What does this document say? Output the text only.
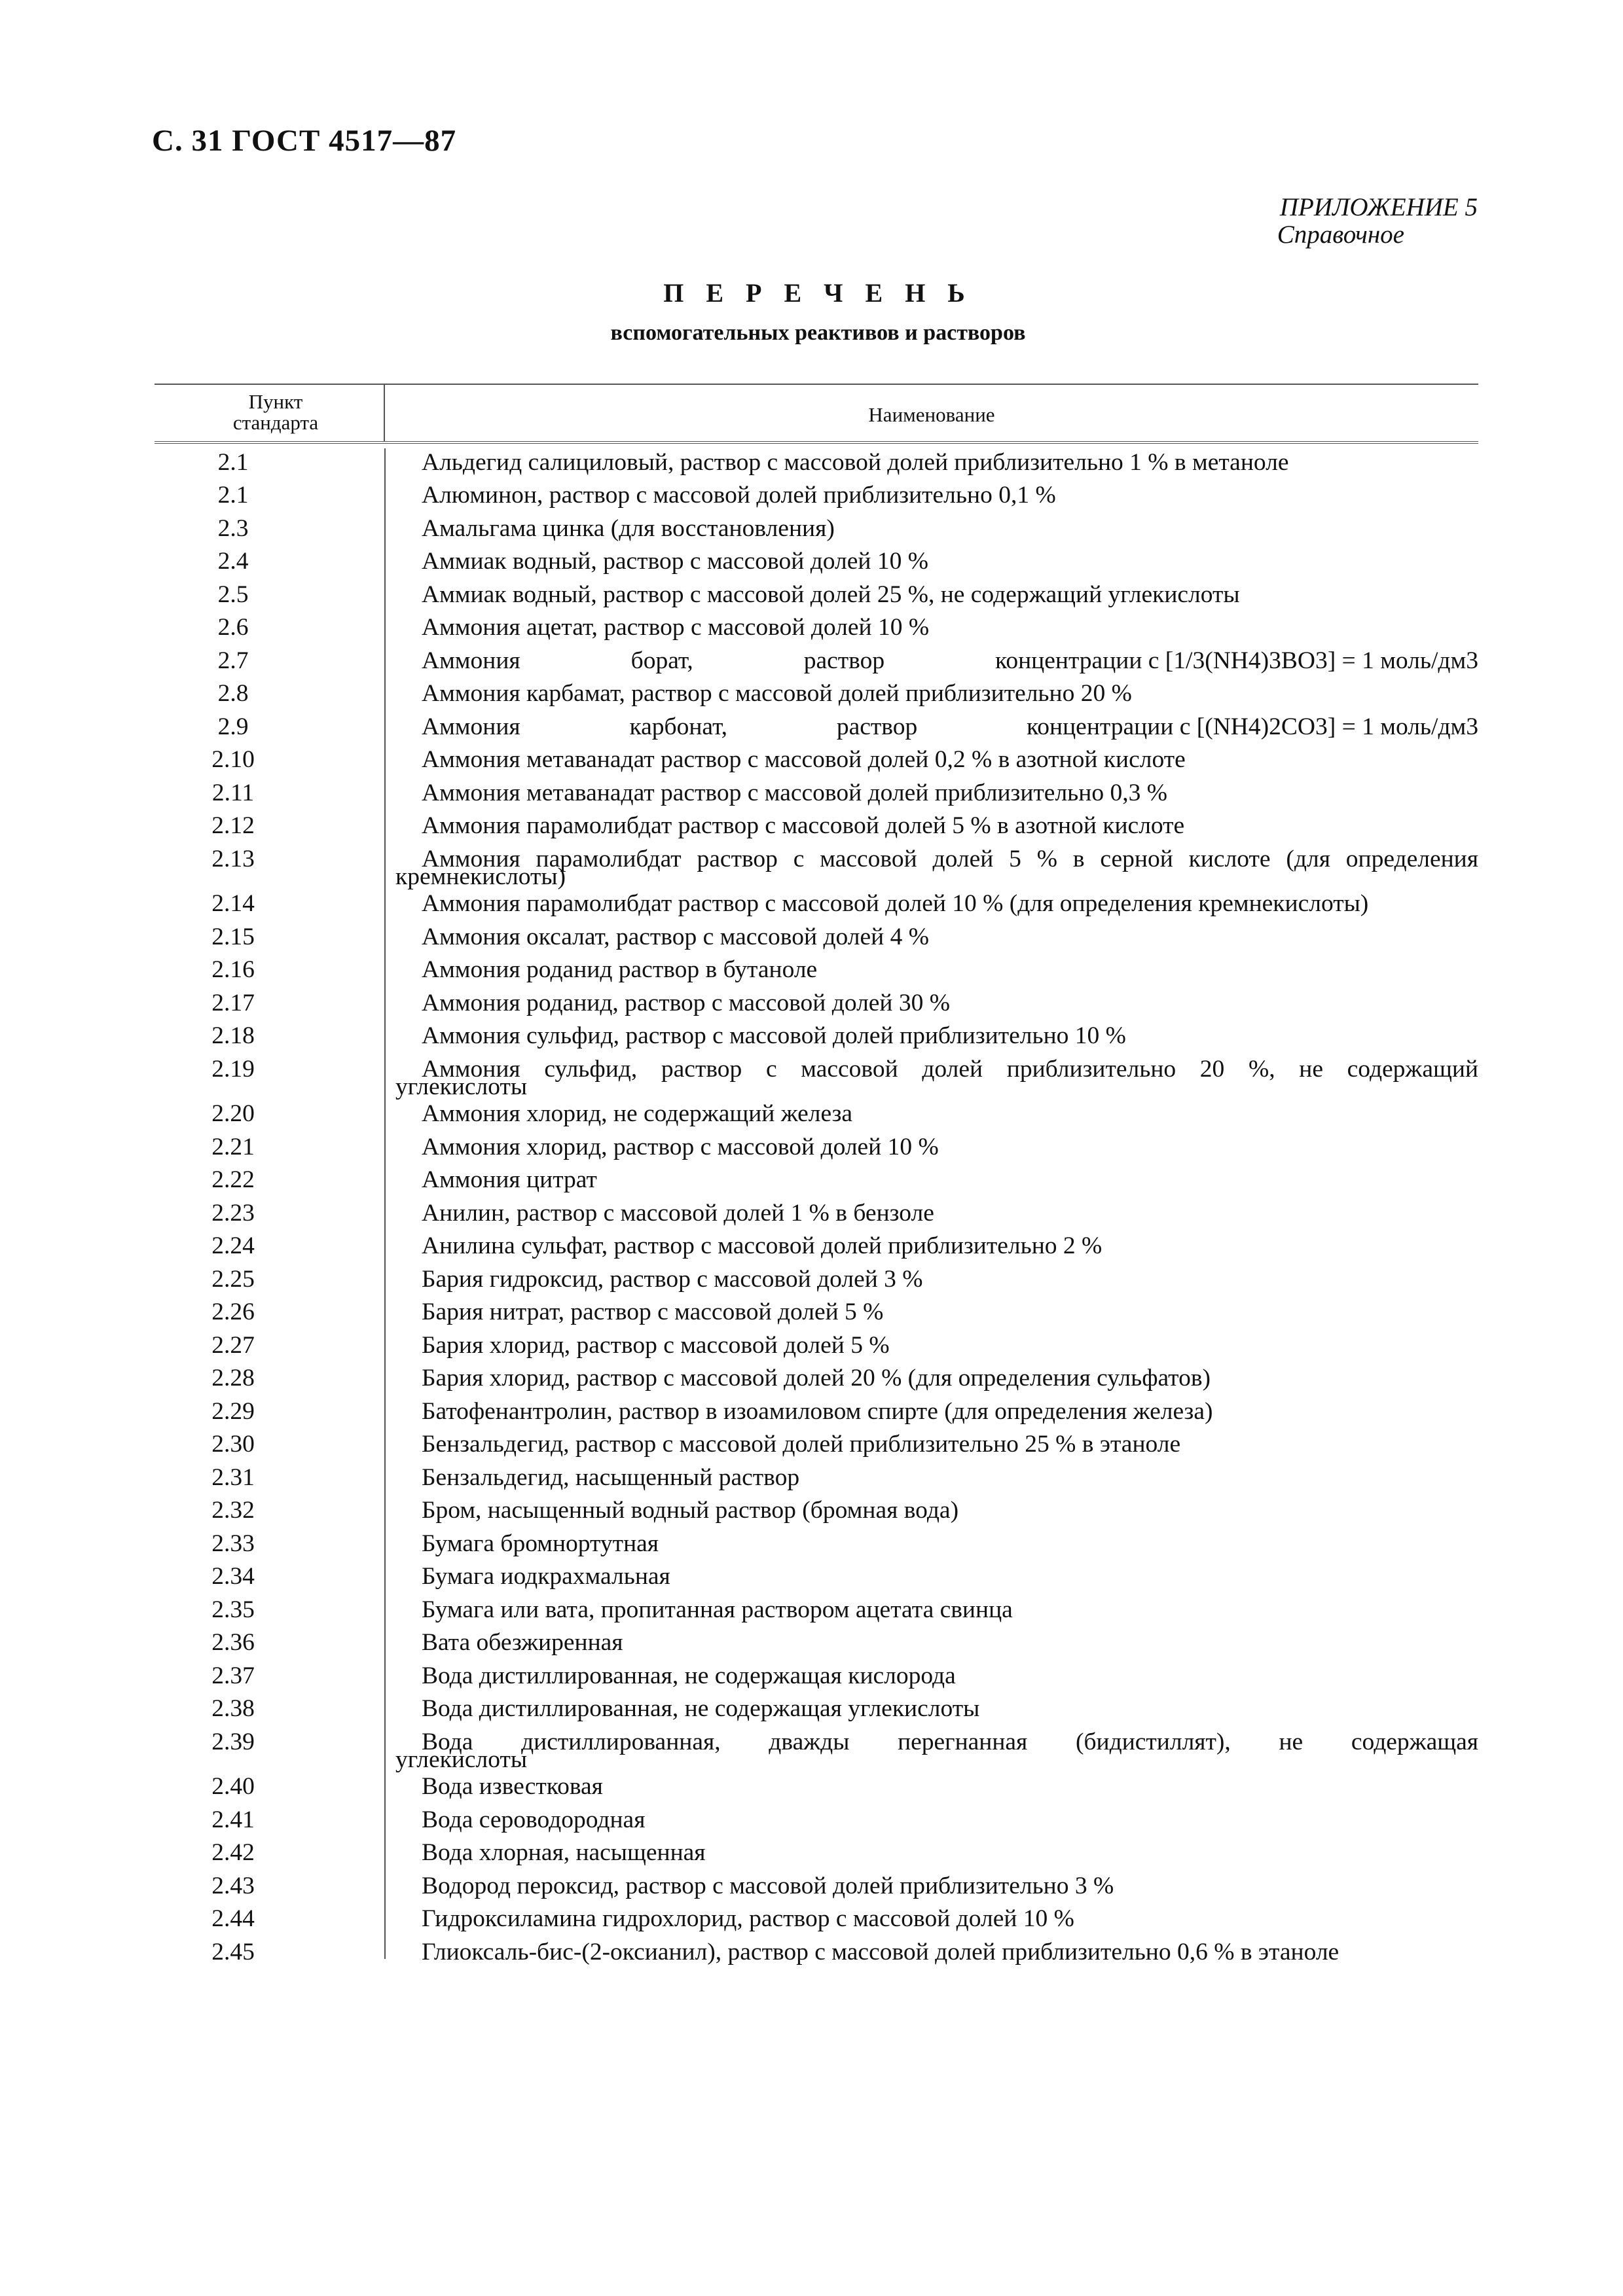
С. 31 ГОСТ 4517—87
ПРИЛОЖЕНИЕ 5

Справочное
П Е Р Е Ч Е Н Ь
вспомогательных реактивов и растворов
Пункт
стандарта	Наименование
2.1	Альдегид салициловый, раствор с массовой долей приблизительно 1 % в метаноле
2.1	Алюминон, раствор с массовой долей приблизительно 0,1 %
2.3	Амальгама цинка (для восстановления)
2.4	Аммиак водный, раствор с массовой долей 10 %
2.5	Аммиак водный, раствор с массовой долей 25 %, не содержащий углекислоты
2.6	Аммония ацетат, раствор с массовой долей 10 %
2.7	Аммония	борат,	раствор	концентрации с [1/3(NH4)3BO3] = 1 моль/дм3
2.8	Аммония карбамат, раствор с массовой долей приблизительно 20 %
2.9	Аммония	карбонат,	раствор	концентрации с [(NH4)2CO3] = 1 моль/дм3
2.10	Аммония метаванадат раствор с массовой долей 0,2 % в азотной кислоте
2.11	Аммония метаванадат раствор с массовой долей приблизительно 0,3 %
2.12	Аммония парамолибдат раствор с массовой долей 5 % в азотной кислоте
2.13	Аммония парамолибдат раствор с массовой долей 5 % в серной кислоте (для определения
кремнекислоты)
2.14	Аммония парамолибдат раствор с массовой долей 10 % (для определения кремнекислоты)
2.15	Аммония оксалат, раствор с массовой долей 4 %
2.16	Аммония роданид раствор в бутаноле
2.17	Аммония роданид, раствор с массовой долей 30 %
2.18	Аммония сульфид, раствор с массовой долей приблизительно 10 %
2.19	Аммония сульфид, раствор с массовой долей приблизительно 20 %, не содержащий
углекислоты
2.20	Аммония хлорид, не содержащий железа
2.21	Аммония хлорид, раствор с массовой долей 10 %
2.22	Аммония цитрат
2.23	Анилин, раствор с массовой долей 1 % в бензоле
2.24	Анилина сульфат, раствор с массовой долей приблизительно 2 %
2.25	Бария гидроксид, раствор с массовой долей 3 %
2.26	Бария нитрат, раствор с массовой долей 5 %
2.27	Бария хлорид, раствор с массовой долей 5 %
2.28	Бария хлорид, раствор с массовой долей 20 % (для определения сульфатов)
2.29	Батофенантролин, раствор в изоамиловом спирте (для определения железа)
2.30	Бензальдегид, раствор с массовой долей приблизительно 25 % в этаноле
2.31	Бензальдегид, насыщенный раствор
2.32	Бром, насыщенный водный раствор (бромная вода)
2.33	Бумага бромнортутная
2.34	Бумага иодкрахмальная
2.35	Бумага или вата, пропитанная раствором ацетата свинца
2.36	Вата обезжиренная
2.37	Вода дистиллированная, не содержащая кислорода
2.38	Вода дистиллированная, не содержащая углекислоты
2.39	Вода дистиллированная, дважды перегнанная (бидистиллят), не содержащая
углекислоты
2.40	Вода известковая
2.41	Вода сероводородная
2.42	Вода хлорная, насыщенная
2.43	Водород пероксид, раствор с массовой долей приблизительно 3 %
2.44	Гидроксиламина гидрохлорид, раствор с массовой долей 10 %
2.45	Глиоксаль-бис-(2-оксианил), раствор с массовой долей приблизительно 0,6 % в этаноле
